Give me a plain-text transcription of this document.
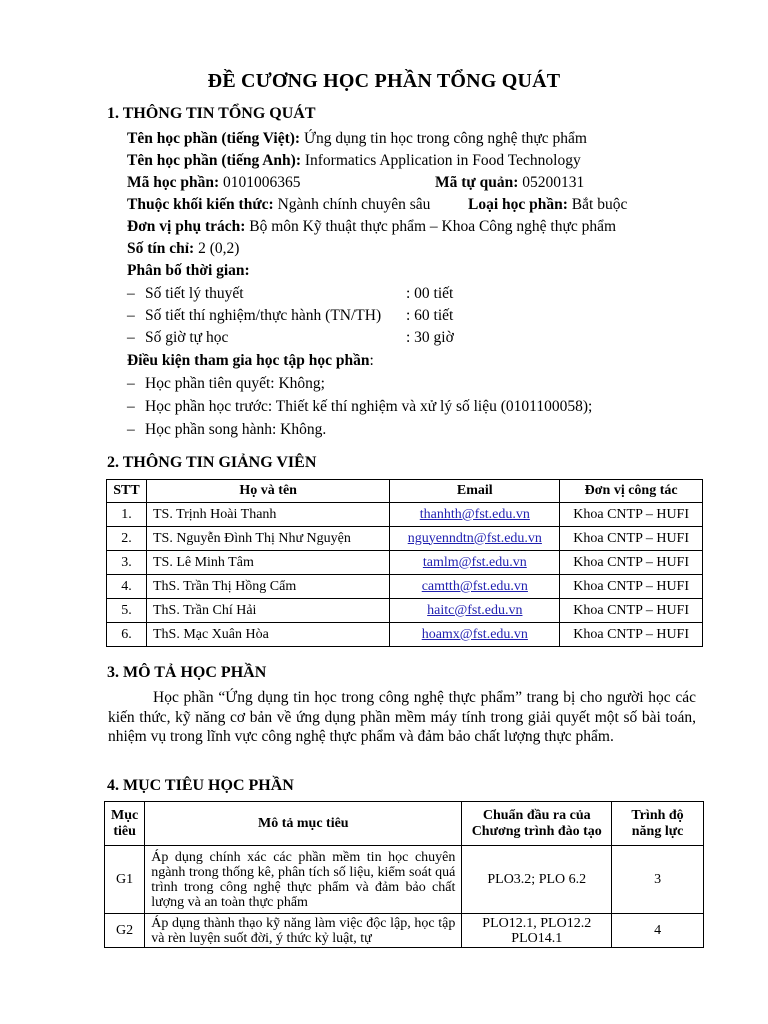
ĐỀ CƯƠNG HỌC PHẦN TỔNG QUÁT
1. THÔNG TIN TỔNG QUÁT
Tên học phần (tiếng Việt): Ứng dụng tin học trong công nghệ thực phẩm
Tên học phần (tiếng Anh): Informatics Application in Food Technology
Mã học phần: 0101006365	Mã tự quản: 05200131
Thuộc khối kiến thức: Ngành chính chuyên sâu Loại học phần: Bắt buộc
Đơn vị phụ trách: Bộ môn Kỹ thuật thực phẩm – Khoa Công nghệ thực phẩm
Số tín chỉ: 2 (0,2)
Phân bố thời gian:
– Số tiết lý thuyết	: 00 tiết
– Số tiết thí nghiệm/thực hành (TN/TH) : 60 tiết
– Số giờ tự học	: 30 giờ
Điều kiện tham gia học tập học phần:
– Học phần tiên quyết: Không;
– Học phần học trước: Thiết kế thí nghiệm và xử lý số liệu (0101100058);
– Học phần song hành: Không.
2. THÔNG TIN GIẢNG VIÊN
STT	Họ và tên	Email	Đơn vị công tác
1.	TS. Trịnh Hoài Thanh	thanhth@fst.edu.vn	Khoa CNTP – HUFI
2.	TS. Nguyễn Đình Thị Như Nguyện	nguyenndtn@fst.edu.vn	Khoa CNTP – HUFI
3.	TS. Lê Minh Tâm	tamlm@fst.edu.vn	Khoa CNTP – HUFI
4.	ThS. Trần Thị Hồng Cẩm	camtth@fst.edu.vn	Khoa CNTP – HUFI
5.	ThS. Trần Chí Hải	haitc@fst.edu.vn	Khoa CNTP – HUFI
6.	ThS. Mạc Xuân Hòa	hoamx@fst.edu.vn	Khoa CNTP – HUFI
3. MÔ TẢ HỌC PHẦN
Học phần “Ứng dụng tin học trong công nghệ thực phẩm” trang bị cho người học các kiến thức, kỹ năng cơ bản về ứng dụng phần mềm máy tính trong giải quyết một số bài toán, nhiệm vụ trong lĩnh vực công nghệ thực phẩm và đảm bảo chất lượng thực phẩm.
4. MỤC TIÊU HỌC PHẦN
Mục tiêu	Mô tả mục tiêu	Chuẩn đầu ra của Chương trình đào tạo	Trình độ năng lực
G1	Áp dụng chính xác các phần mềm tin học chuyên ngành trong thống kê, phân tích số liệu, kiểm soát quá trình trong công nghệ thực phẩm và đảm bảo chất lượng và an toàn thực phẩm	PLO3.2; PLO 6.2	3
G2	Áp dụng thành thạo kỹ năng làm việc độc lập, học tập và rèn luyện suốt đời, ý thức kỷ luật, tự	PLO12.1, PLO12.2 PLO14.1	4
